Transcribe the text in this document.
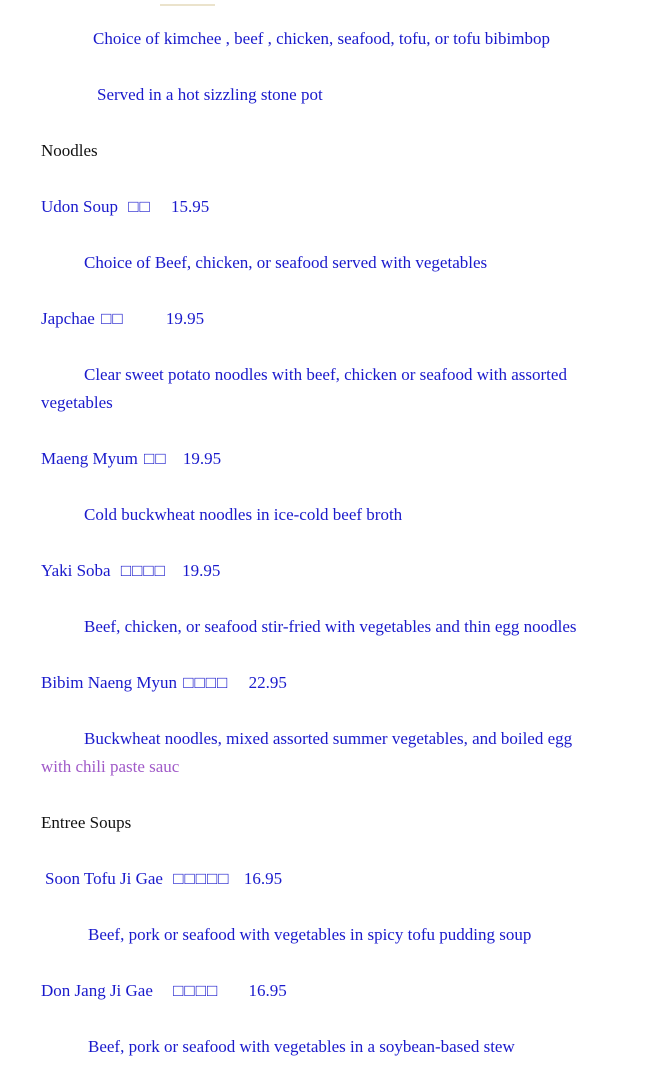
Choice of kimchee , beef , chicken, seafood, tofu, or tofu bibimbop
Served in a hot sizzling stone pot
Noodles
Udon Soup □□ 15.95
Choice of Beef, chicken, or seafood served with vegetables
Japchae □□ 19.95
Clear sweet potato noodles with beef, chicken or seafood with assorted
vegetables
Maeng Myum □□ 19.95
Cold buckwheat noodles in ice-cold beef broth
Yaki Soba □□□□ 19.95
Beef, chicken, or seafood stir-fried with vegetables and thin egg noodles
Bibim Naeng Myun □□□□ 22.95
Buckwheat noodles, mixed assorted summer vegetables, and boiled egg
with chili paste sauc
Entree Soups
Soon Tofu Ji Gae □□□□□ 16.95
Beef, pork or seafood with vegetables in spicy tofu pudding soup
Don Jang Ji Gae □□□□ 16.95
Beef, pork or seafood with vegetables in a soybean-based stew
